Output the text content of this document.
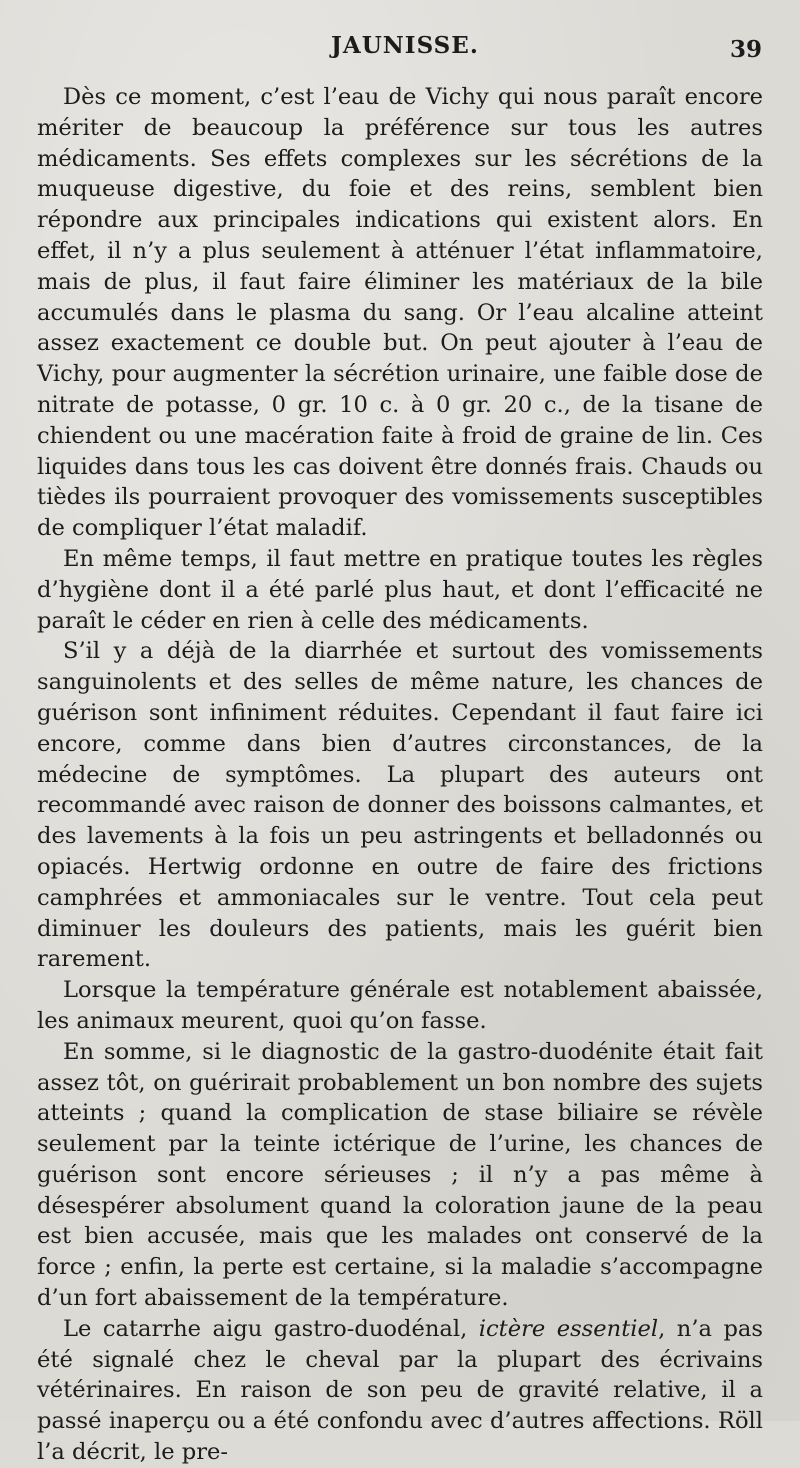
JAUNISSE.	39

Dès ce moment, c’est l’eau de Vichy qui nous paraît encore mériter de beaucoup la préférence sur tous les autres médicaments. Ses effets complexes sur les sécrétions de la muqueuse digestive, du foie et des reins, semblent bien répondre aux principales indications qui existent alors. En effet, il n’y a plus seulement à atténuer l’état inflammatoire, mais de plus, il faut faire éliminer les matériaux de la bile accumulés dans le plasma du sang. Or l’eau alcaline atteint assez exactement ce double but. On peut ajouter à l’eau de Vichy, pour augmenter la sécrétion urinaire, une faible dose de nitrate de potasse, 0 gr. 10 c. à 0 gr. 20 c., de la tisane de chiendent ou une macération faite à froid de graine de lin. Ces liquides dans tous les cas doivent être donnés frais. Chauds ou tièdes ils pourraient provoquer des vomissements susceptibles de compliquer l’état maladif.

En même temps, il faut mettre en pratique toutes les règles d’hygiène dont il a été parlé plus haut, et dont l’efficacité ne paraît le céder en rien à celle des médicaments.

S’il y a déjà de la diarrhée et surtout des vomissements sanguinolents et des selles de même nature, les chances de guérison sont infiniment réduites. Cependant il faut faire ici encore, comme dans bien d’autres circonstances, de la médecine de symptômes. La plupart des auteurs ont recommandé avec raison de donner des boissons calmantes, et des lavements à la fois un peu astringents et belladonnés ou opiacés. Hertwig ordonne en outre de faire des frictions camphrées et ammoniacales sur le ventre. Tout cela peut diminuer les douleurs des patients, mais les guérit bien rarement.

Lorsque la température générale est notablement abaissée, les animaux meurent, quoi qu’on fasse.

En somme, si le diagnostic de la gastro-duodénite était fait assez tôt, on guérirait probablement un bon nombre des sujets atteints ; quand la complication de stase biliaire se révèle seulement par la teinte ictérique de l’urine, les chances de guérison sont encore sérieuses ; il n’y a pas même à désespérer absolument quand la coloration jaune de la peau est bien accusée, mais que les malades ont conservé de la force ; enfin, la perte est certaine, si la maladie s’accompagne d’un fort abaissement de la température.

Le catarrhe aigu gastro-duodénal, ictère essentiel, n’a pas été signalé chez le cheval par la plupart des écrivains vétérinaires. En raison de son peu de gravité relative, il a passé inaperçu ou a été confondu avec d’autres affections. Röll l’a décrit, le pre-
